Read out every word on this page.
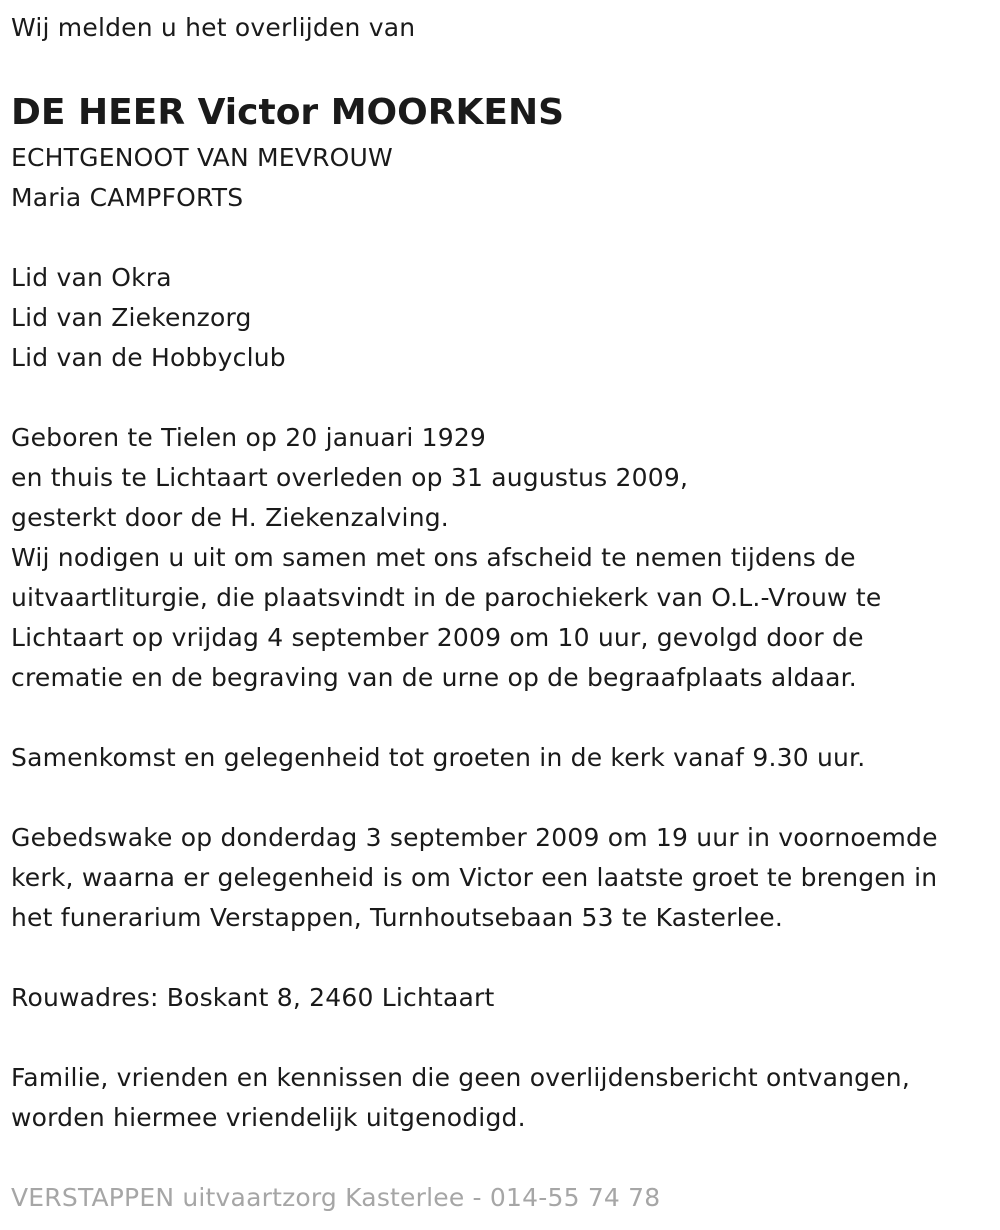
Wij melden u het overlijden van
DE HEER Victor MOORKENS
ECHTGENOOT VAN MEVROUW
Maria CAMPFORTS
Lid van Okra
Lid van Ziekenzorg
Lid van de Hobbyclub
Geboren te Tielen op 20 januari 1929
en thuis te Lichtaart overleden op 31 augustus 2009,
gesterkt door de H. Ziekenzalving.
Wij nodigen u uit om samen met ons afscheid te nemen tijdens de
uitvaartliturgie, die plaatsvindt in de parochiekerk van O.L.-Vrouw te
Lichtaart op vrijdag 4 september 2009 om 10 uur, gevolgd door de
crematie en de begraving van de urne op de begraafplaats aldaar.
Samenkomst en gelegenheid tot groeten in de kerk vanaf 9.30 uur.
Gebedswake op donderdag 3 september 2009 om 19 uur in voornoemde
kerk, waarna er gelegenheid is om Victor een laatste groet te brengen in
het funerarium Verstappen, Turnhoutsebaan 53 te Kasterlee.
Rouwadres: Boskant 8, 2460 Lichtaart
Familie, vrienden en kennissen die geen overlijdensbericht ontvangen,
worden hiermee vriendelijk uitgenodigd.
VERSTAPPEN uitvaartzorg Kasterlee - 014-55 74 78
